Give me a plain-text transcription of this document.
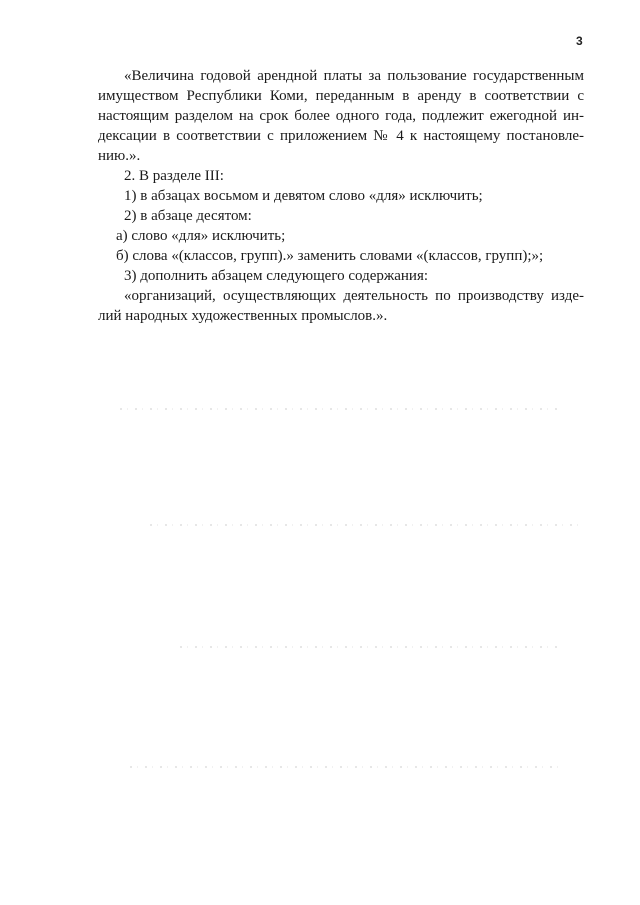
3

«Величина годовой арендной платы за пользование государственным
имуществом Республики Коми, переданным в аренду в соответствии с
настоящим разделом на срок более одного года, подлежит ежегодной ин-
дексации в соответствии с приложением № 4 к настоящему постановле-
нию.».

2. В разделе III:

1) в абзацах восьмом и девятом слово «для» исключить;

2) в абзаце десятом:

а) слово «для» исключить;

б) слова «(классов, групп).» заменить словами «(классов, групп);»;

3) дополнить абзацем следующего содержания:

«организаций, осуществляющих деятельность по производству изде-
лий народных художественных промыслов.».
